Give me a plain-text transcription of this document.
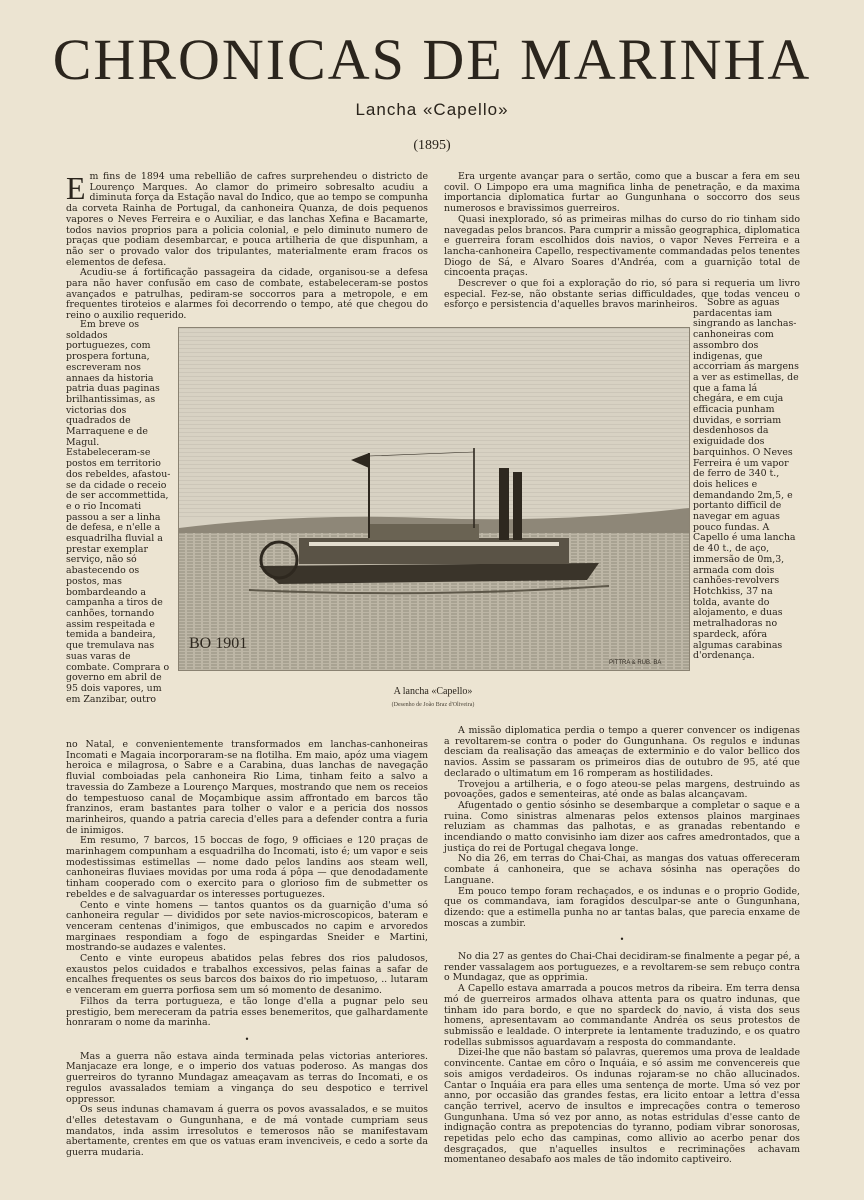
CHRONICAS DE MARINHA
Lancha «Capello»
(1895)

Em fins de 1894 uma rebellião de cafres surprehendeu o districto de Lourenço Marques. Ao clamor do primeiro sobresalto acudiu a diminuta força da Estação naval do Indico, que ao tempo se compunha da corveta Rainha de Portugal, da canhoneira Quanza, de dois pequenos vapores o Neves Ferreira e o Auxiliar, e das lanchas Xefina e Bacamarte, todos navios proprios para a policia colonial, e pelo diminuto numero de praças que podiam desembarcar, e pouca artilheria de que dispunham, a não ser o provado valor dos tripulantes, materialmente eram fracos os elementos de defesa.

Acudiu-se á fortificação passageira da cidade, organisou-se a defesa para não haver confusão em caso de combate, estabeleceram-se postos avançados e patrulhas, pediram-se soccorros para a metropole, e em frequentes tiroteios e alarmes foi decorrendo o tempo, até que chegou do reino o auxilio requerido.

Era urgente avançar para o sertão, como que a buscar a fera em seu covil. O Limpopo era uma magnifica linha de penetração, e da maxima importancia diplomatica furtar ao Gungunhana o soccorro dos seus numerosos e bravissimos guerreiros.

Quasi inexplorado, só as primeiras milhas do curso do rio tinham sido navegadas pelos brancos. Para cumprir a missão geographica, diplomatica e guerreira foram escolhidos dois navios, o vapor Neves Ferreira e a lancha-canhoneira Capello, respectivamente commandadas pelos tenentes Diogo de Sá, e Alvaro Soares d'Andréa, com a guarnição total de cincoenta praças.

Descrever o que foi a exploração do rio, só para si requeria um livro especial. Fez-se, não obstante serias difficuldades, que todas venceu o esforço e persistencia d'aquelles bravos marinheiros.

Em breve os soldados portuguezes, com prospera fortuna, escreveram nos annaes da historia patria duas paginas brilhantissimas, as victorias dos quadrados de Marraquene e de Magul. Estabeleceram-se postos em territorio dos rebeldes, afastou-se da cidade o receio de ser accommettida, e o rio Incomati passou a ser a linha de defesa, e n'elle a esquadrilha fluvial a prestar exemplar serviço, não só abastecendo os postos, mas bombardeando a campanha a tiros de canhões, tornando assim respeitada e temida a bandeira, que tremulava nas suas varas de combate. Comprara o governo em abril de 95 dois vapores, um em Zanzibar, outro

Sobre as aguas pardacentas iam singrando as lanchas-canhoneiras com assombro dos indigenas, que accorriam ás margens a ver as estimellas, de que a fama lá chegára, e em cuja efficacia punham duvidas, e sorriam desdenhosos da exiguidade dos barquinhos. O Neves Ferreira é um vapor de ferro de 340 t., dois helices e demandando 2m,5, e portanto difficil de navegar em aguas pouco fundas. A Capello é uma lancha de 40 t., de aço, immersão de 0m,3, armada com dois canhões-revolvers Hotchkiss, 37 na tolda, avante do alojamento, e duas metralhadoras no spardeck, afóra algumas carabinas d'ordenança.

BO 1901
PITTRA & RUB. BA
A lancha «Capello»
(Desenho de João Braz d'Oliveira)

no Natal, e convenientemente transformados em lanchas-canhoneiras Incomati e Magaia incorporaram-se na flotilha. Em maio, apóz uma viagem heroica e milagrosa, o Sabre e a Carabina, duas lanchas de navegação fluvial comboiadas pela canhoneira Rio Lima, tinham feito a salvo a travessia do Zambeze a Lourenço Marques, mostrando que nem os receios do tempestuoso canal de Moçambique assim affrontado em barcos tão franzinos, eram bastantes para tolher o valor e a pericia dos nossos marinheiros, quando a patria carecia d'elles para a defender contra a furia de inimigos.

Em resumo, 7 barcos, 15 boccas de fogo, 9 officiaes e 120 praças de marinhagem compunham a esquadrilha do Incomati, isto é; um vapor e seis modestissimas estimellas — nome dado pelos landins aos steam well, canhoneiras fluviaes movidas por uma roda á pôpa — que denodadamente tinham cooperado com o exercito para o glorioso fim de submetter os rebeldes e de salvaguardar os interesses portuguezes.

Cento e vinte homens — tantos quantos os da guarnição d'uma só canhoneira regular — divididos por sete navios-microscopicos, bateram e venceram centenas d'inimigos, que embuscados no capim e arvoredos marginaes respondiam a fogo de espingardas Sneider e Martini, mostrando-se audazes e valentes.

Cento e vinte europeus abatidos pelas febres dos rios paludosos, exaustos pelos cuidados e trabalhos excessivos, pelas fainas a safar de encalhes frequentes os seus barcos dos baixos do rio impetuoso, .. lutaram e venceram em guerra porfiosa sem um só momento de desanimo.

Filhos da terra portugueza, e tão longe d'ella a pugnar pelo seu prestigio, bem mereceram da patria esses benemeritos, que galhardamente honraram o nome da marinha.

•

Mas a guerra não estava ainda terminada pelas victorias anteriores. Manjacaze era longe, e o imperio dos vatuas poderoso. As mangas dos guerreiros do tyranno Mundagaz ameaçavam as terras do Incomati, e os regulos avassalados temiam a vingança do seu despotico e terrivel oppressor.

Os seus indunas chamavam á guerra os povos avassalados, e se muitos d'elles detestavam o Gungunhana, e de má vontade cumpriam seus mandatos, inda assim irresolutos e temerosos não se manifestavam abertamente, crentes em que os vatuas eram invenciveis, e cedo a sorte da guerra mudaria.

A missão diplomatica perdia o tempo a querer convencer os indigenas a revoltarem-se contra o poder do Gungunhana. Os regulos e indunas desciam da realisação das ameaças de exterminio e do valor bellico dos navios. Assim se passaram os primeiros dias de outubro de 95, até que declarado o ultimatum em 16 romperam as hostilidades.

Trovejou a artilheria, e o fogo ateou-se pelas margens, destruindo as povoações, gados e sementeiras, até onde as balas alcançavam.

Afugentado o gentio sósinho se desembarque a completar o saque e a ruina. Como sinistras almenaras pelos extensos plainos marginaes reluziam as chammas das palhotas, e as granadas rebentando e incendiando o matto convisinho iam dizer aos cafres amedrontados, que a justiça do rei de Portugal chegava longe.

No dia 26, em terras do Chai-Chai, as mangas dos vatuas offereceram combate á canhoneira, que se achava sósinha nas operações do Languane.

Em pouco tempo foram rechaçados, e os indunas e o proprio Godide, que os commandava, iam foragidos desculpar-se ante o Gungunhana, dizendo: que a estimella punha no ar tantas balas, que parecia enxame de moscas a zumbir.

•

No dia 27 as gentes do Chai-Chai decidiram-se finalmente a pegar pé, a render vassalagem aos portuguezes, e a revoltarem-se sem rebuço contra o Mundagaz, que as opprimia.

A Capello estava amarrada a poucos metros da ribeira. Em terra densa mó de guerreiros armados olhava attenta para os quatro indunas, que tinham ido para bordo, e que no spardeck do navio, á vista dos seus homens, apresentavam ao commandante Andréa os seus protestos de submissão e lealdade. O interprete ia lentamente traduzindo, e os quatro rodellas submissos aguardavam a resposta do commandante.

Dizei-lhe que não bastam só palavras, queremos uma prova de lealdade convincente. Cantae em côro o Inquáia, e só assim me convencereis que sois amigos verdadeiros. Os indunas rojaram-se no chão allucinados. Cantar o Inquáia era para elles uma sentença de morte. Uma só vez por anno, por occasião das grandes festas, era licito entoar a lettra d'essa canção terrivel, acervo de insultos e imprecações contra o temeroso Gungunhana. Uma só vez por anno, as notas estridulas d'esse canto de indignação contra as prepotencias do tyranno, podiam vibrar sonorosas, repetidas pelo echo das campinas, como allivio ao acerbo penar dos desgraçados, que n'aquelles insultos e recriminações achavam momentaneo desabafo aos males de tão indomito captiveiro.
